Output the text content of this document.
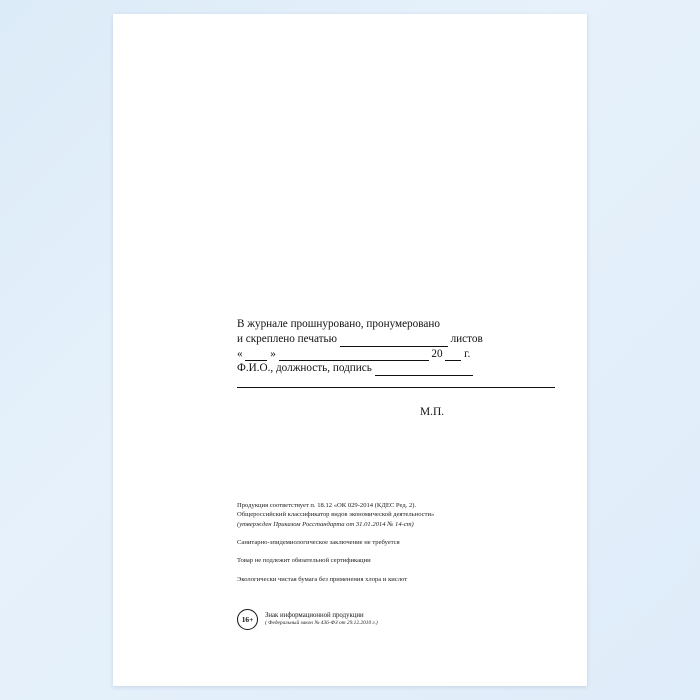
В журнале прошнуровано, пронумеровано
и скреплено печатью	листов
« »	20 г.
Ф.И.О., должность, подпись
М.П.
Продукция соответствует п. 18.12 «ОК 029-2014 (КДЕС Ред. 2).
Общероссийский классификатор видов экономической деятельности»
(утвержден Приказом Росстандарта от 31.01.2014 № 14-ст)
Санитарно-эпидемиологическое заключение не требуется
Товар не подлежит обязательной сертификации
Экологически чистая бумага без применения хлора и кислот
16+	Знак информационной продукции
( Федеральный закон № 436-ФЗ от 29.12.2010 г.)
